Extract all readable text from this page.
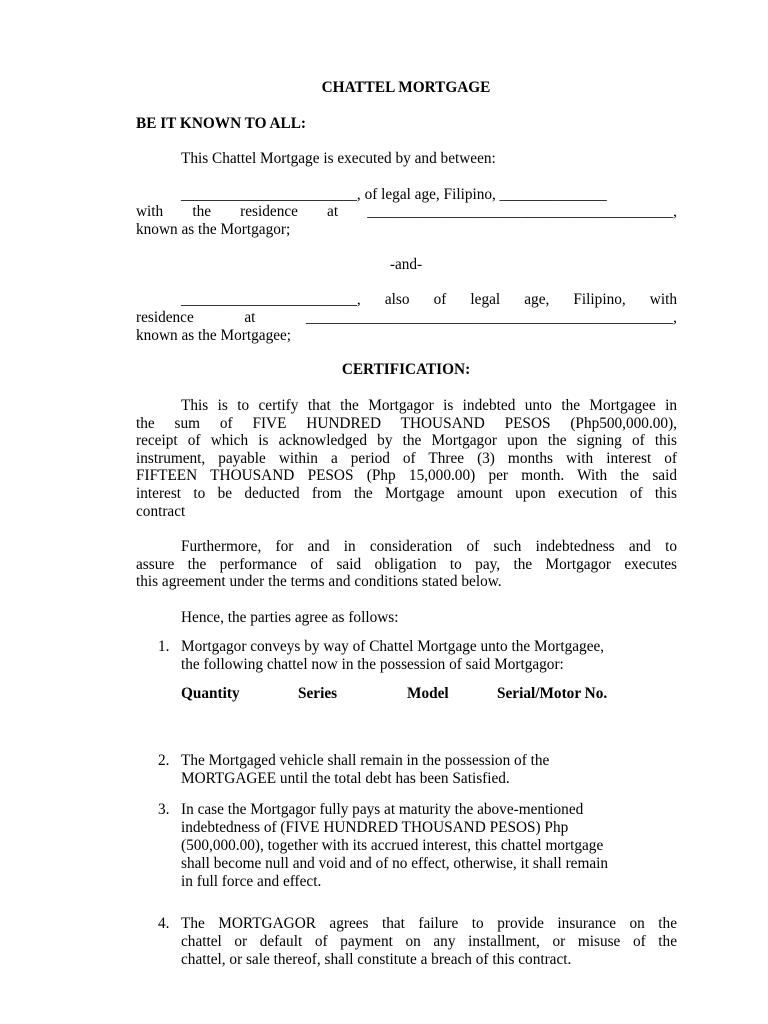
CHATTEL MORTGAGE
BE IT KNOWN TO ALL:
This Chattel Mortgage is executed by and between:
_______________________, of legal age, Filipino, ______________
with the residence at ________________________________________,
known as the Mortgagor;
-and-
_______________________, also of legal age, Filipino, with
residence at ________________________________________________,
known as the Mortgagee;
CERTIFICATION:
This is to certify that the Mortgagor is indebted unto the Mortgagee in
the sum of FIVE HUNDRED THOUSAND PESOS (Php500,000.00),
receipt of which is acknowledged by the Mortgagor upon the signing of this
instrument, payable within a period of Three (3) months with interest of
FIFTEEN THOUSAND PESOS (Php 15,000.00) per month. With the said
interest to be deducted from the Mortgage amount upon execution of this
contract
Furthermore, for and in consideration of such indebtedness and to
assure the performance of said obligation to pay, the Mortgagor executes
this agreement under the terms and conditions stated below.
Hence, the parties agree as follows:
1. Mortgagor conveys by way of Chattel Mortgage unto the Mortgagee,
the following chattel now in the possession of said Mortgagor:
Quantity	Series	Model	Serial/Motor No.
2. The Mortgaged vehicle shall remain in the possession of the
MORTGAGEE until the total debt has been Satisfied.
3. In case the Mortgagor fully pays at maturity the above-mentioned
indebtedness of (FIVE HUNDRED THOUSAND PESOS) Php
(500,000.00), together with its accrued interest, this chattel mortgage
shall become null and void and of no effect, otherwise, it shall remain
in full force and effect.
4. The MORTGAGOR agrees that failure to provide insurance on the
chattel or default of payment on any installment, or misuse of the
chattel, or sale thereof, shall constitute a breach of this contract.
